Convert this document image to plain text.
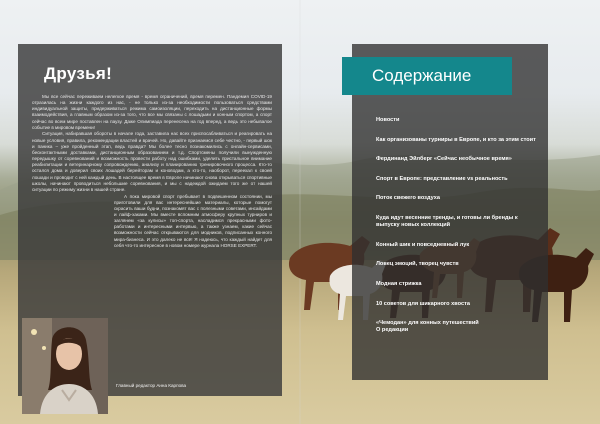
Друзья!

Мы все сейчас переживаем нелегкое время - время ограничений, время перемен. Пандемия COVID-19 отразилась на жизни каждого из нас, - не только из-за необходимости пользоваться средствами индивидуальной защиты, придерживаться режима самоизоляции, переходить на дистанционные формы взаимодействия, а главным образом из-за того, что все мы связаны с лошадьми и конным спортом, а спорт сейчас во всем мире поставлен на паузу. Даже Олимпиада перенесена на год вперед, а ведь это небывалое событие в мировом времени!

Ситуация, набиравшая обороты в начале года, заставила нас всех приспосабливаться и реагировать на новые условия, правила, рекомендации властей и врачей. Но, давайте признаемся себе честно, - первый шок и паника – уже пройденный этап, ведь правда? Мы более тесно познакомились с онлайн-сервисами, бесконтактными доставками, дистанционным образованием и т.д. Спортсмены получили вынужденную передышку от соревнований и возможность провести работу над ошибками, уделить пристальное внимание реабилитации и ветеринарному сопровождению, анализу и планированию тренировочного процесса. Кто-то остался дома и доверил своих лошадей берейторам и коноводам, а кто-то, наоборот, переехал к своей лошади и проводит с ней каждый день. В настоящее время в Европе начинают снова открываться спортивные школы, начинают проводиться небольшие соревнования, и мы с надеждой ожидаем того же от нашей ситуации по режиму жизни в нашей стране.

А пока мировой спорт пребывает в подвешенном состоянии, мы приготовили для вас интереснейшие материалы, которые помогут скрасить ваши будни, познакомят вас с полезными советами, инсайдами и лайф-хаками. Мы вместе вспомним атмосферу крупных турниров и заглянем «за кулисы» топ-спорта, насладимся прекрасными фото-работами и интересными интервью, а также узнаем, какие сейчас возможности сейчас открываются для модников, подписанных конного мира-бизнеса. И это далеко не всё! Я надеюсь, что каждый найдет для себя что-то интересное в новом номере журнала HORSE EXPERT.

Главный редактор Анна Карпова
Содержание
Новости
Как организованы турниры в Европе, и кто за этим стоит
Фердинанд Эйлберг «Сейчас необычное время»
Спорт в Европе: представление vs реальность
Поток свежего воздуха
Куда идут весенние тренды, и готовы ли бренды к выпуску новых коллекций
Конный шик и повседневный лук
Ловец эмоций, творец чувств
Модная стрижка
10 советов для шикарного хвоста
«Чемодан» для конных путешествий
О редакции
